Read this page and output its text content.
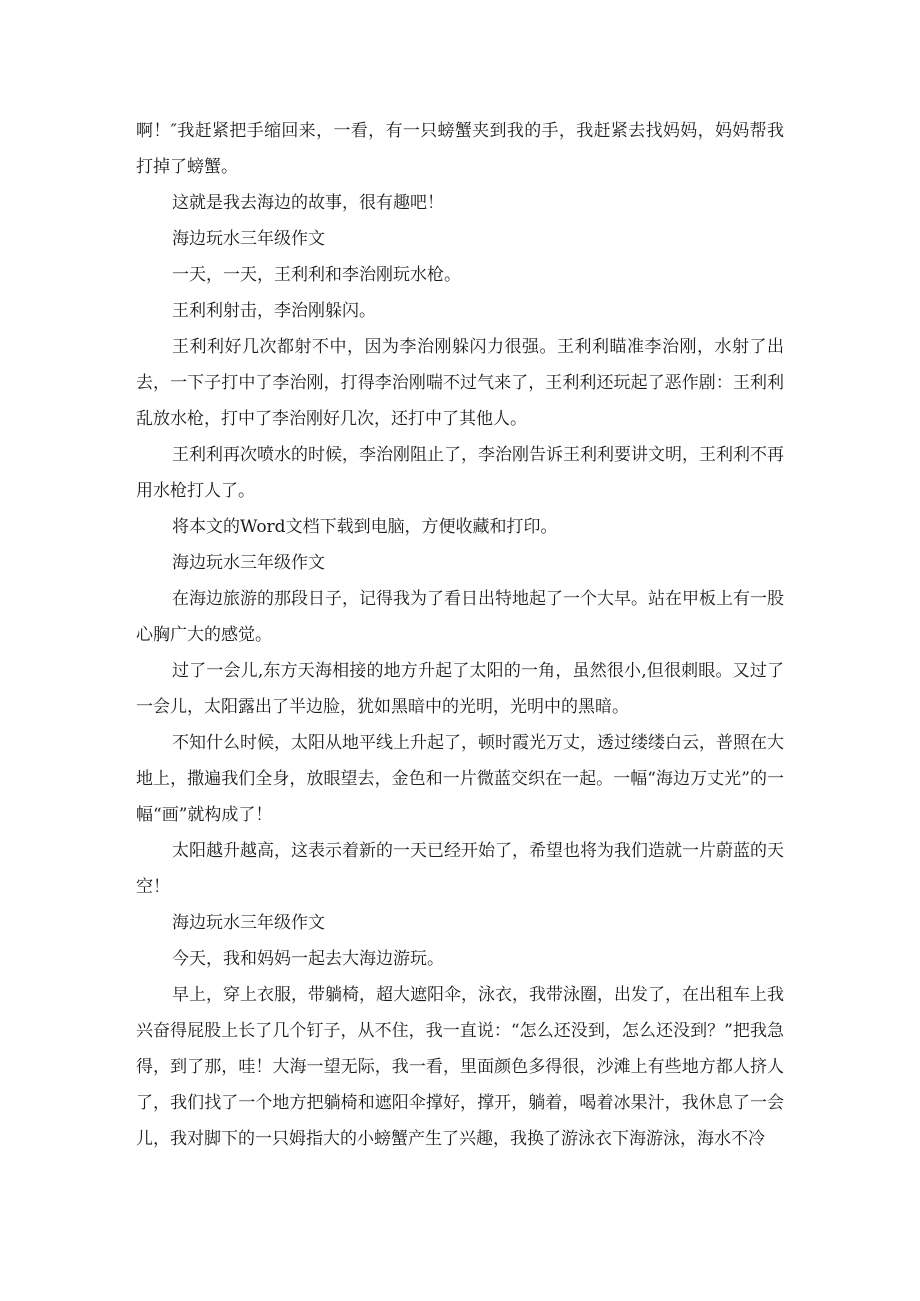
啊！″我赶紧把手缩回来，一看，有一只螃蟹夹到我的手，我赶紧去找妈妈，妈妈帮我打掉了螃蟹。

这就是我去海边的故事，很有趣吧！

海边玩水三年级作文

一天，一天，王利利和李治刚玩水枪。

王利利射击，李治刚躲闪。

王利利好几次都射不中，因为李治刚躲闪力很强。王利利瞄准李治刚，水射了出去，一下子打中了李治刚，打得李治刚喘不过气来了，王利利还玩起了恶作剧：王利利乱放水枪，打中了李治刚好几次，还打中了其他人。

王利利再次喷水的时候，李治刚阻止了，李治刚告诉王利利要讲文明，王利利不再用水枪打人了。

将本文的Word文档下载到电脑，方便收藏和打印。

海边玩水三年级作文

在海边旅游的那段日子，记得我为了看日出特地起了一个大早。站在甲板上有一股心胸广大的感觉。

过了一会儿,东方天海相接的地方升起了太阳的一角，虽然很小,但很刺眼。又过了一会儿，太阳露出了半边脸，犹如黑暗中的光明，光明中的黑暗。

不知什么时候，太阳从地平线上升起了，顿时霞光万丈，透过缕缕白云，普照在大地上，撒遍我们全身，放眼望去，金色和一片微蓝交织在一起。一幅“海边万丈光”的一幅“画”就构成了！

太阳越升越高，这表示着新的一天已经开始了，希望也将为我们造就一片蔚蓝的天空！

海边玩水三年级作文

今天，我和妈妈一起去大海边游玩。

早上，穿上衣服，带躺椅，超大遮阳伞，泳衣，我带泳圈，出发了，在出租车上我兴奋得屁股上长了几个钉子，从不住，我一直说：“怎么还没到，怎么还没到？”把我急得，到了那，哇！大海一望无际，我一看，里面颜色多得很，沙滩上有些地方都人挤人了，我们找了一个地方把躺椅和遮阳伞撑好，撑开，躺着，喝着冰果汁，我休息了一会儿，我对脚下的一只姆指大的小螃蟹产生了兴趣，我换了游泳衣下海游泳，海水不冷
